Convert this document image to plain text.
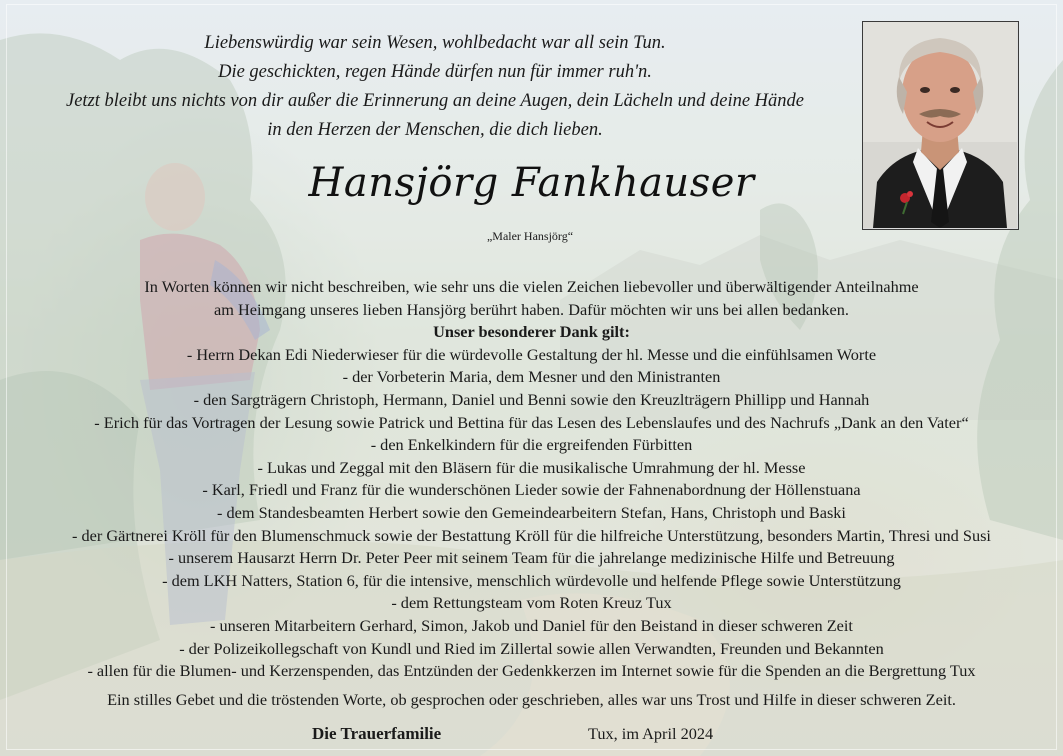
Liebenswürdig war sein Wesen, wohlbedacht war all sein Tun.
Die geschickten, regen Hände dürfen nun für immer ruh'n.
Jetzt bleibt uns nichts von dir außer die Erinnerung an deine Augen, dein Lächeln und deine Hände
in den Herzen der Menschen, die dich lieben.
Hansjörg Fankhauser
„Maler Hansjörg“
In Worten können wir nicht beschreiben, wie sehr uns die vielen Zeichen liebevoller und überwältigender Anteilnahme
am Heimgang unseres lieben Hansjörg berührt haben. Dafür möchten wir uns bei allen bedanken.
Unser besonderer Dank gilt:
- Herrn Dekan Edi Niederwieser für die würdevolle Gestaltung der hl. Messe und die einfühlsamen Worte
- der Vorbeterin Maria, dem Mesner und den Ministranten
- den Sargträgern Christoph, Hermann, Daniel und Benni sowie den Kreuzlträgern Phillipp und Hannah
- Erich für das Vortragen der Lesung sowie Patrick und Bettina für das Lesen des Lebenslaufes und des Nachrufs „Dank an den Vater“
- den Enkelkindern für die ergreifenden Fürbitten
- Lukas und Zeggal mit den Bläsern für die musikalische Umrahmung der hl. Messe
- Karl, Friedl und Franz für die wunderschönen Lieder sowie der Fahnenabordnung der Höllenstuana
- dem Standesbeamten Herbert sowie den Gemeindearbeitern Stefan, Hans, Christoph und Baski
- der Gärtnerei Kröll für den Blumenschmuck sowie der Bestattung Kröll für die hilfreiche Unterstützung, besonders Martin, Thresi und Susi
- unserem Hausarzt Herrn Dr. Peter Peer mit seinem Team für die jahrelange medizinische Hilfe und Betreuung
- dem LKH Natters, Station 6, für die intensive, menschlich würdevolle und helfende Pflege sowie Unterstützung
- dem Rettungsteam vom Roten Kreuz Tux
- unseren Mitarbeitern Gerhard, Simon, Jakob und Daniel für den Beistand in dieser schweren Zeit
- der Polizeikollegschaft von Kundl und Ried im Zillertal sowie allen Verwandten, Freunden und Bekannten
- allen für die Blumen- und Kerzenspenden, das Entzünden der Gedenkkerzen im Internet sowie für die Spenden an die Bergrettung Tux
Ein stilles Gebet und die tröstenden Worte, ob gesprochen oder geschrieben, alles war uns Trost und Hilfe in dieser schweren Zeit.
Die Trauerfamilie	Tux, im April 2024
